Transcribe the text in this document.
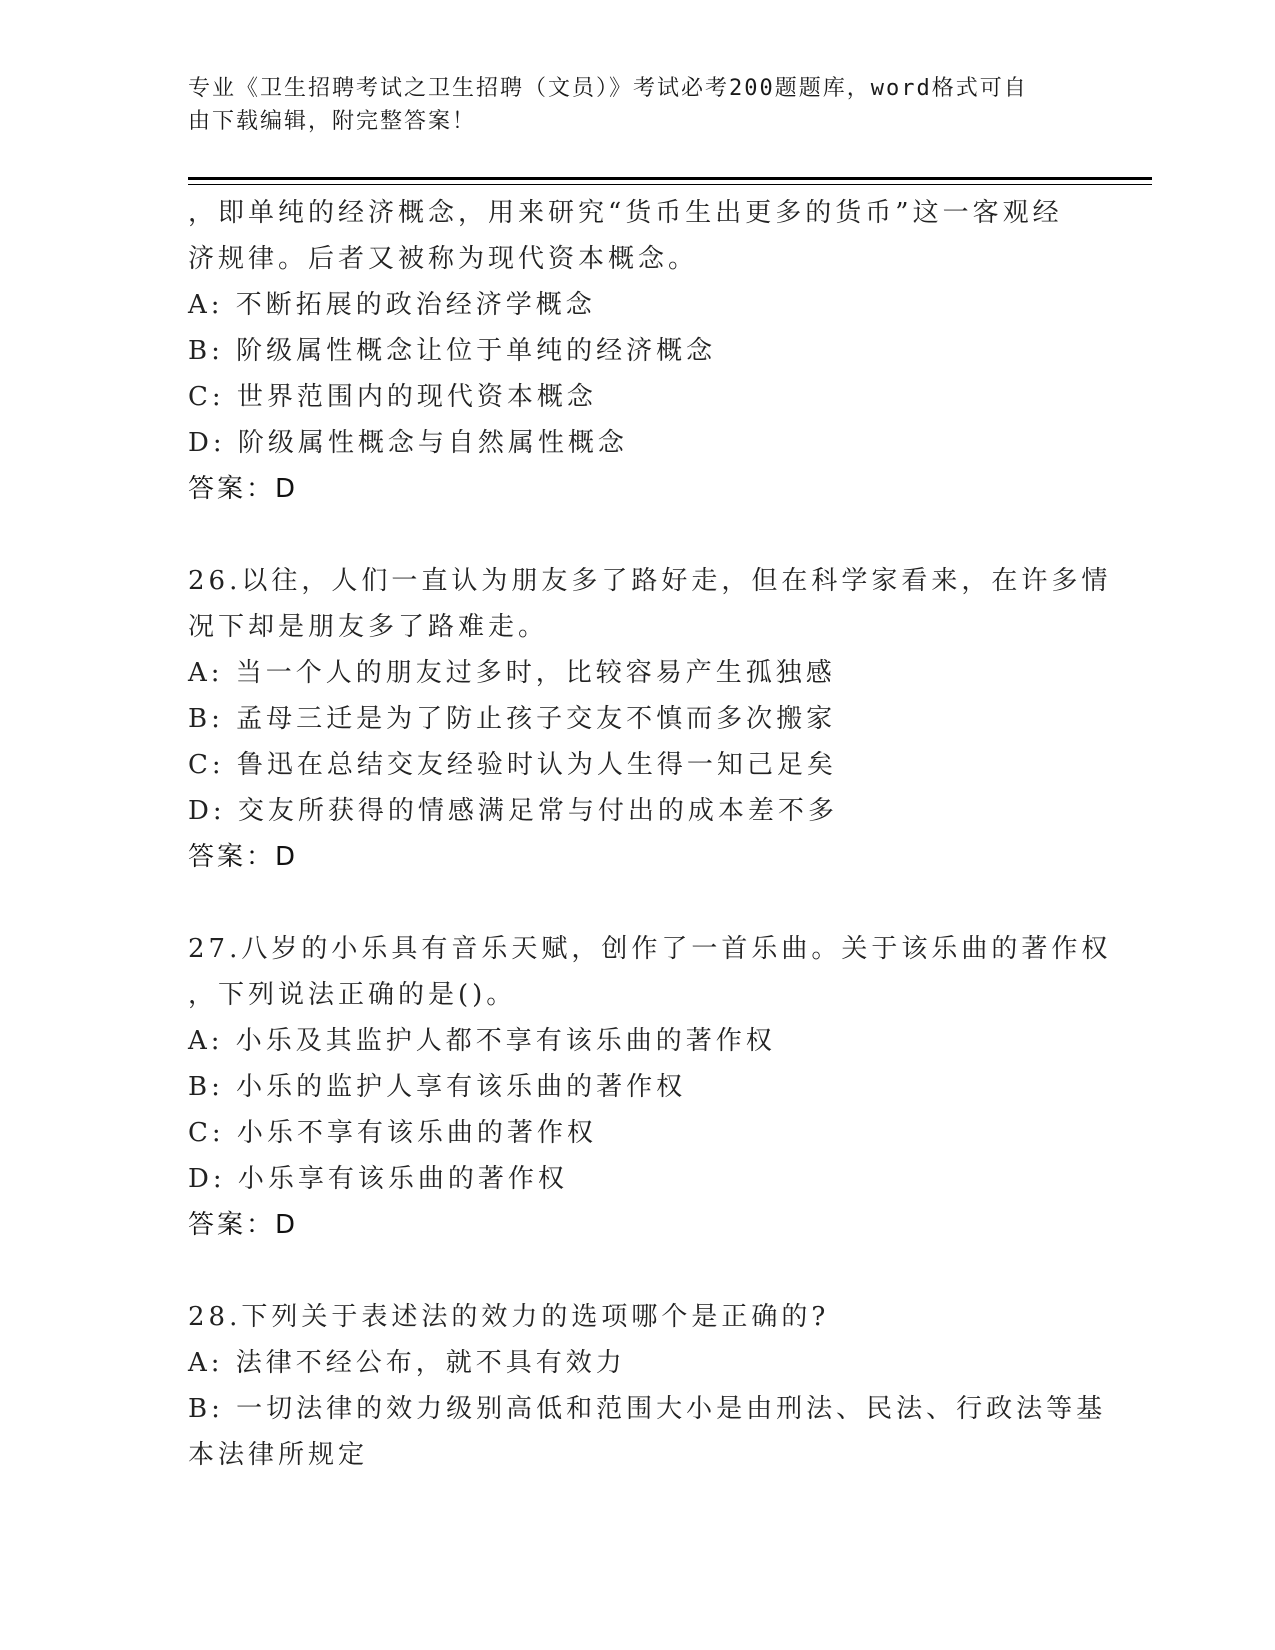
专业《卫生招聘考试之卫生招聘（文员）》考试必考200题题库，word格式可自
由下载编辑，附完整答案！

，即单纯的经济概念，用来研究“货币生出更多的货币”这一客观经

济规律。后者又被称为现代资本概念。

A: 不断拓展的政治经济学概念

B: 阶级属性概念让位于单纯的经济概念

C: 世界范围内的现代资本概念

D: 阶级属性概念与自然属性概念

答案：D

26.以往，人们一直认为朋友多了路好走，但在科学家看来，在许多情

况下却是朋友多了路难走。

A: 当一个人的朋友过多时，比较容易产生孤独感

B: 孟母三迁是为了防止孩子交友不慎而多次搬家

C: 鲁迅在总结交友经验时认为人生得一知己足矣

D: 交友所获得的情感满足常与付出的成本差不多

答案：D

27.八岁的小乐具有音乐天赋，创作了一首乐曲。关于该乐曲的著作权

，下列说法正确的是()。

A: 小乐及其监护人都不享有该乐曲的著作权

B: 小乐的监护人享有该乐曲的著作权

C: 小乐不享有该乐曲的著作权

D: 小乐享有该乐曲的著作权

答案：D

28.下列关于表述法的效力的选项哪个是正确的?

A: 法律不经公布，就不具有效力

B: 一切法律的效力级别高低和范围大小是由刑法、民法、行政法等基

本法律所规定
